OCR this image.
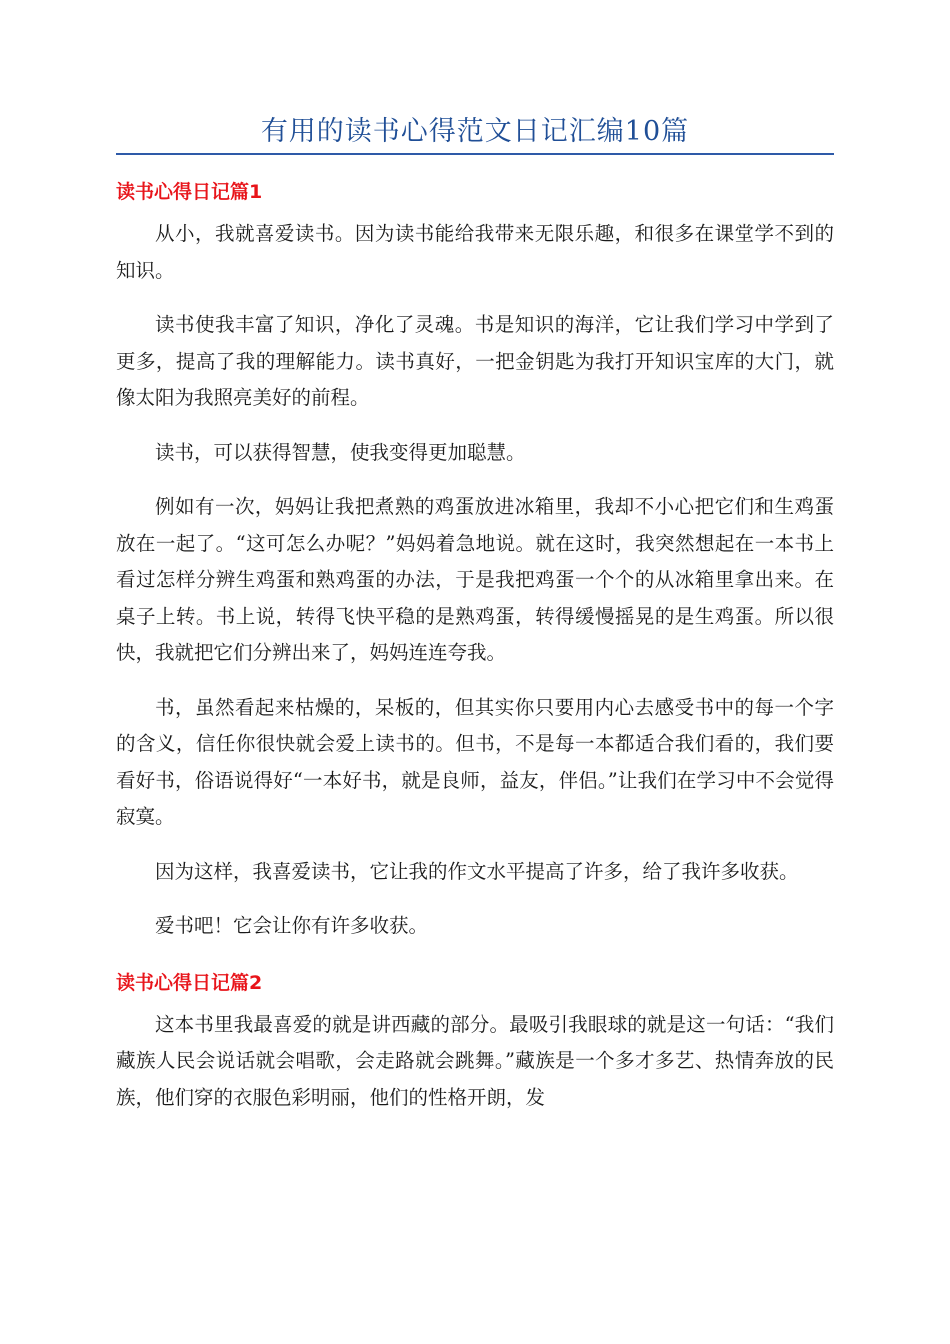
有用的读书心得范文日记汇编10篇
读书心得日记篇1

从小，我就喜爱读书。因为读书能给我带来无限乐趣，和很多在课堂学不到的知识。

读书使我丰富了知识，净化了灵魂。书是知识的海洋，它让我们学习中学到了更多，提高了我的理解能力。读书真好，一把金钥匙为我打开知识宝库的大门，就像太阳为我照亮美好的前程。

读书，可以获得智慧，使我变得更加聪慧。

例如有一次，妈妈让我把煮熟的鸡蛋放进冰箱里，我却不小心把它们和生鸡蛋放在一起了。“这可怎么办呢？”妈妈着急地说。就在这时，我突然想起在一本书上看过怎样分辨生鸡蛋和熟鸡蛋的办法，于是我把鸡蛋一个个的从冰箱里拿出来。在桌子上转。书上说，转得飞快平稳的是熟鸡蛋，转得缓慢摇晃的是生鸡蛋。所以很快，我就把它们分辨出来了，妈妈连连夸我。

书，虽然看起来枯燥的，呆板的，但其实你只要用内心去感受书中的每一个字的含义，信任你很快就会爱上读书的。但书，不是每一本都适合我们看的，我们要看好书，俗语说得好“一本好书，就是良师，益友，伴侣。”让我们在学习中不会觉得寂寞。

因为这样，我喜爱读书，它让我的作文水平提高了许多，给了我许多收获。

爱书吧！它会让你有许多收获。

读书心得日记篇2

这本书里我最喜爱的就是讲西藏的部分。最吸引我眼球的就是这一句话：“我们藏族人民会说话就会唱歌，会走路就会跳舞。”藏族是一个多才多艺、热情奔放的民族，他们穿的衣服色彩明丽，他们的性格开朗，发
